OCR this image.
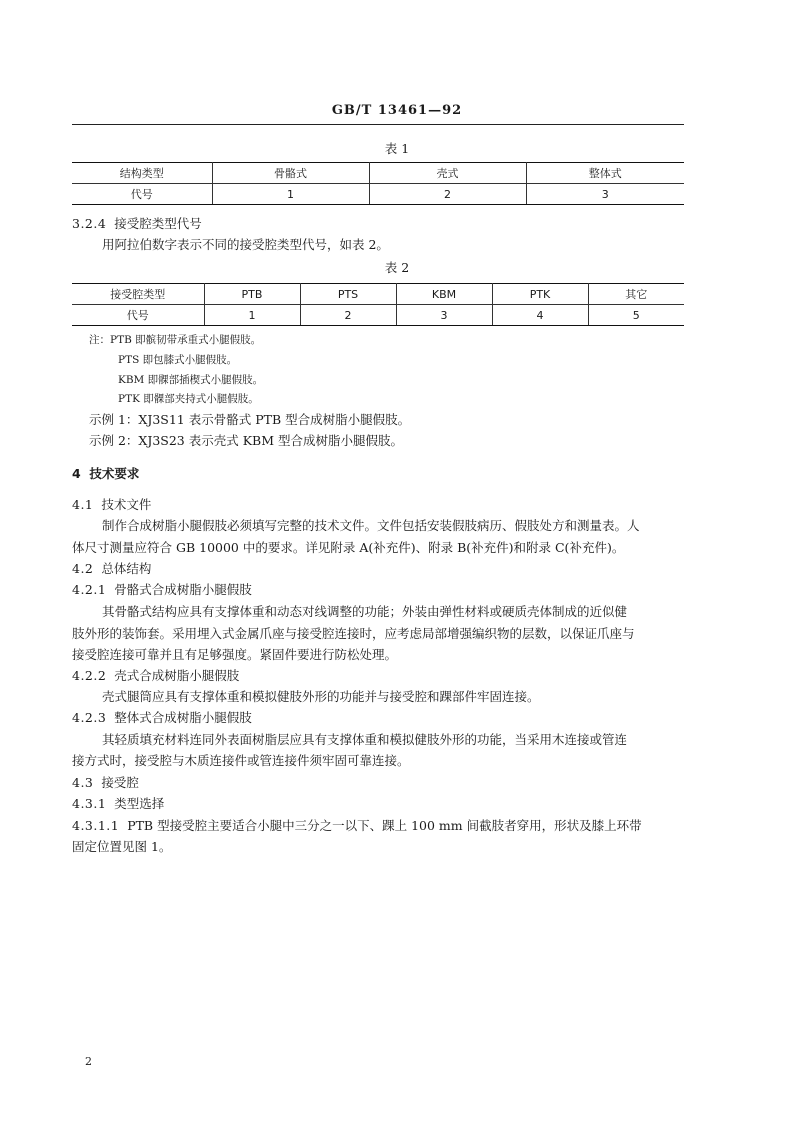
GB/T 13461—92
表 1
结构类型	骨骼式	壳式	整体式
代号	1	2	3
3.2.4 接受腔类型代号
用阿拉伯数字表示不同的接受腔类型代号，如表 2。
表 2
接受腔类型	PTB	PTS	KBM	PTK	其它
代号	1	2	3	4	5
注：PTB 即髌韧带承重式小腿假肢。
PTS 即包膝式小腿假肢。
KBM 即髁部插楔式小腿假肢。
PTK 即髁部夹持式小腿假肢。
示例 1：XJ3S11 表示骨骼式 PTB 型合成树脂小腿假肢。
示例 2：XJ3S23 表示壳式 KBM 型合成树脂小腿假肢。
4 技术要求
4.1 技术文件
制作合成树脂小腿假肢必须填写完整的技术文件。文件包括安装假肢病历、假肢处方和测量表。人
体尺寸测量应符合 GB 10000 中的要求。详见附录 A(补充件)、附录 B(补充件)和附录 C(补充件)。
4.2 总体结构
4.2.1 骨骼式合成树脂小腿假肢
其骨骼式结构应具有支撑体重和动态对线调整的功能；外装由弹性材料或硬质壳体制成的近似健
肢外形的装饰套。采用埋入式金属爪座与接受腔连接时，应考虑局部增强编织物的层数，以保证爪座与
接受腔连接可靠并且有足够强度。紧固件要进行防松处理。
4.2.2 壳式合成树脂小腿假肢
壳式腿筒应具有支撑体重和模拟健肢外形的功能并与接受腔和踝部件牢固连接。
4.2.3 整体式合成树脂小腿假肢
其轻质填充材料连同外表面树脂层应具有支撑体重和模拟健肢外形的功能，当采用木连接或管连
接方式时，接受腔与木质连接件或管连接件须牢固可靠连接。
4.3 接受腔
4.3.1 类型选择
4.3.1.1 PTB 型接受腔主要适合小腿中三分之一以下、踝上 100 mm 间截肢者穿用，形状及膝上环带
固定位置见图 1。
2
